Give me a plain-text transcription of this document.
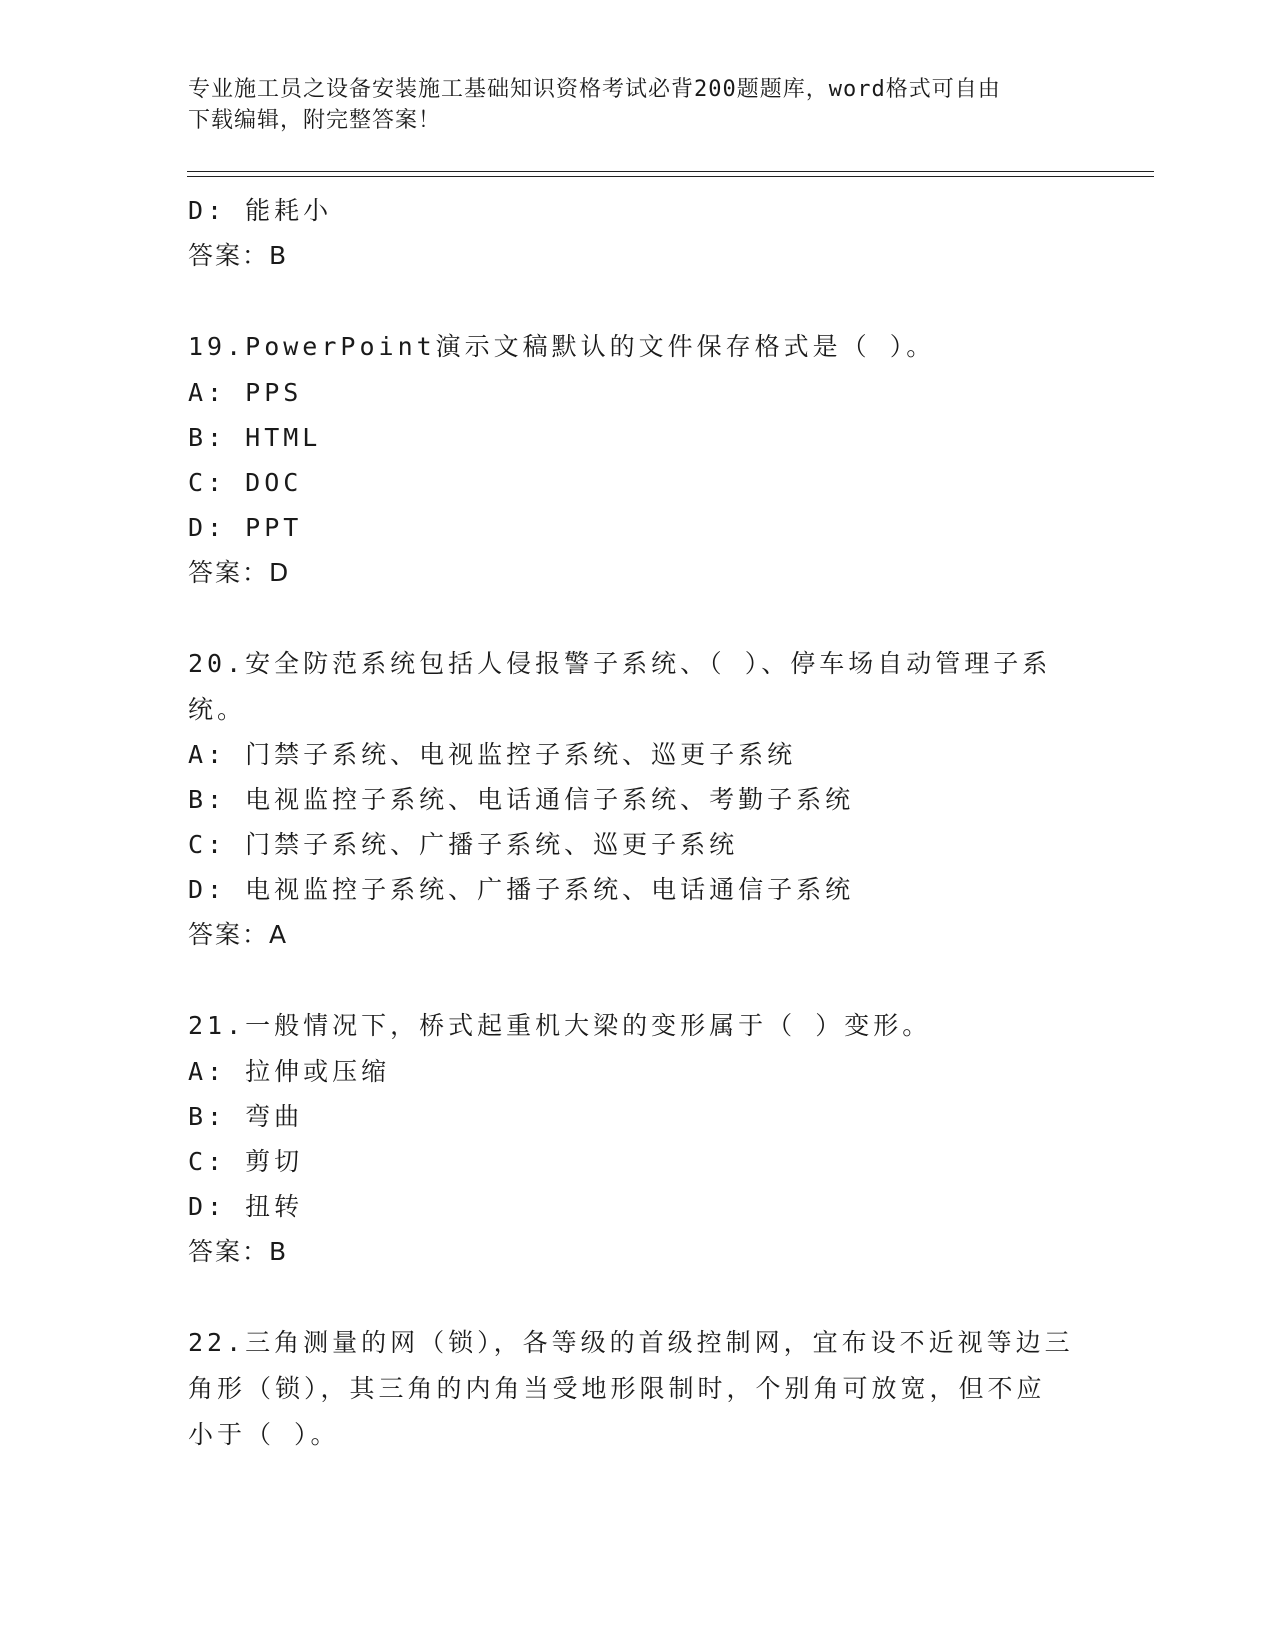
专业施工员之设备安装施工基础知识资格考试必背200题题库，word格式可自由
下载编辑，附完整答案！
D: 能耗小
答案：B
19.PowerPoint演示文稿默认的文件保存格式是（ ）。
A: PPS
B: HTML
C: DOC
D: PPT
答案：D
20.安全防范系统包括人侵报警子系统、（ ）、停车场自动管理子系
统。
A: 门禁子系统、电视监控子系统、巡更子系统
B: 电视监控子系统、电话通信子系统、考勤子系统
C: 门禁子系统、广播子系统、巡更子系统
D: 电视监控子系统、广播子系统、电话通信子系统
答案：A
21.一般情况下，桥式起重机大梁的变形属于（ ）变形。
A: 拉伸或压缩
B: 弯曲
C: 剪切
D: 扭转
答案：B
22.三角测量的网（锁），各等级的首级控制网，宜布设不近视等边三
角形（锁），其三角的内角当受地形限制时，个别角可放宽，但不应
小于（ ）。
